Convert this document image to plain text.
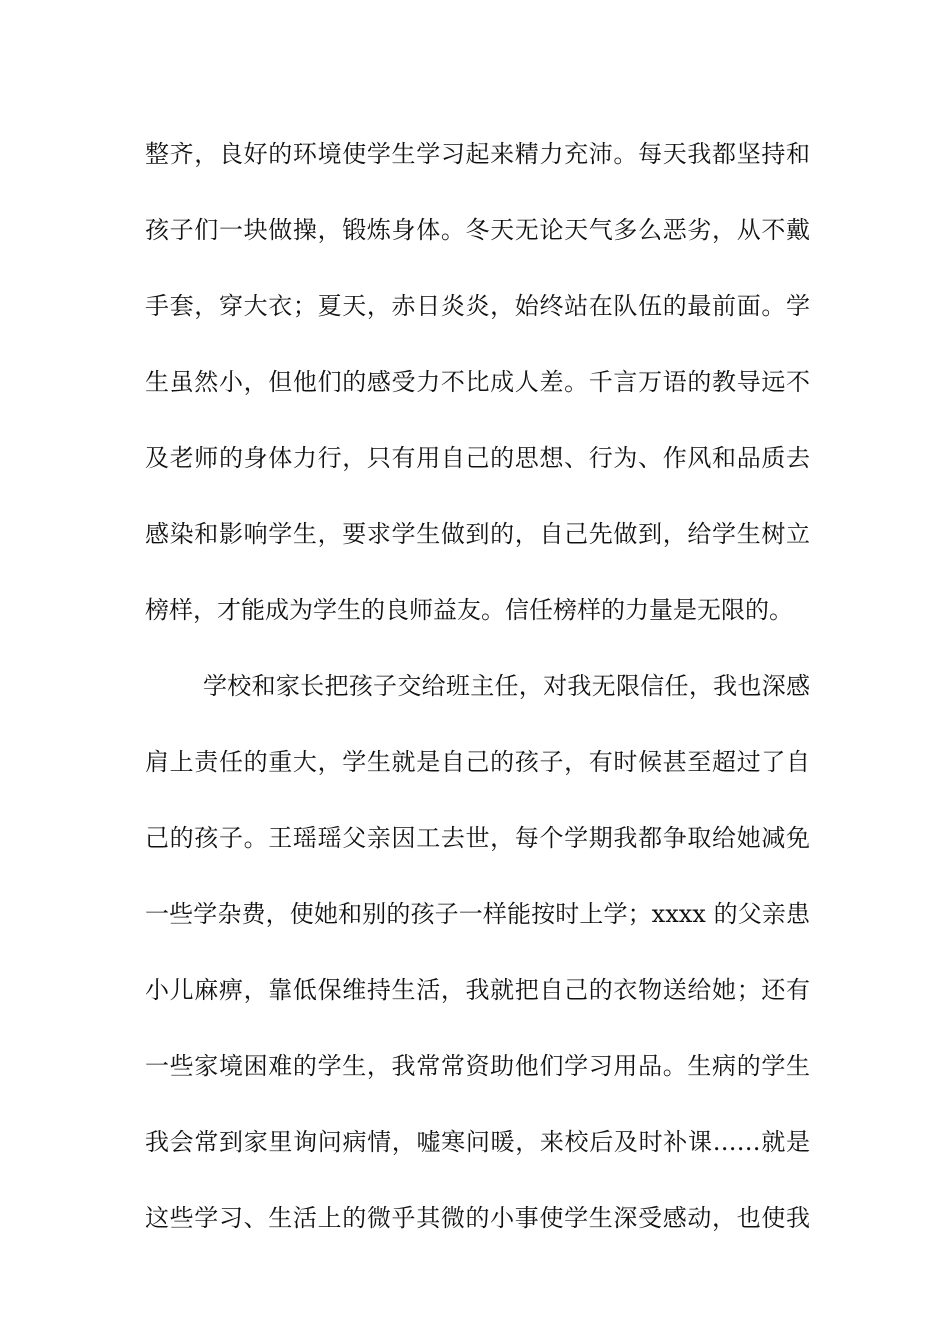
整齐，良好的环境使学生学习起来精力充沛。每天我都坚持和
孩子们一块做操，锻炼身体。冬天无论天气多么恶劣，从不戴
手套，穿大衣；夏天，赤日炎炎，始终站在队伍的最前面。学
生虽然小，但他们的感受力不比成人差。千言万语的教导远不
及老师的身体力行，只有用自己的思想、行为、作风和品质去
感染和影响学生，要求学生做到的，自己先做到，给学生树立
榜样，才能成为学生的良师益友。信任榜样的力量是无限的。
学校和家长把孩子交给班主任，对我无限信任，我也深感
肩上责任的重大，学生就是自己的孩子，有时候甚至超过了自
己的孩子。王瑶瑶父亲因工去世，每个学期我都争取给她减免
一些学杂费，使她和别的孩子一样能按时上学；xxxx 的父亲患
小儿麻痹，靠低保维持生活，我就把自己的衣物送给她；还有
一些家境困难的学生，我常常资助他们学习用品。生病的学生
我会常到家里询问病情，嘘寒问暖，来校后及时补课……就是
这些学习、生活上的微乎其微的小事使学生深受感动，也使我
